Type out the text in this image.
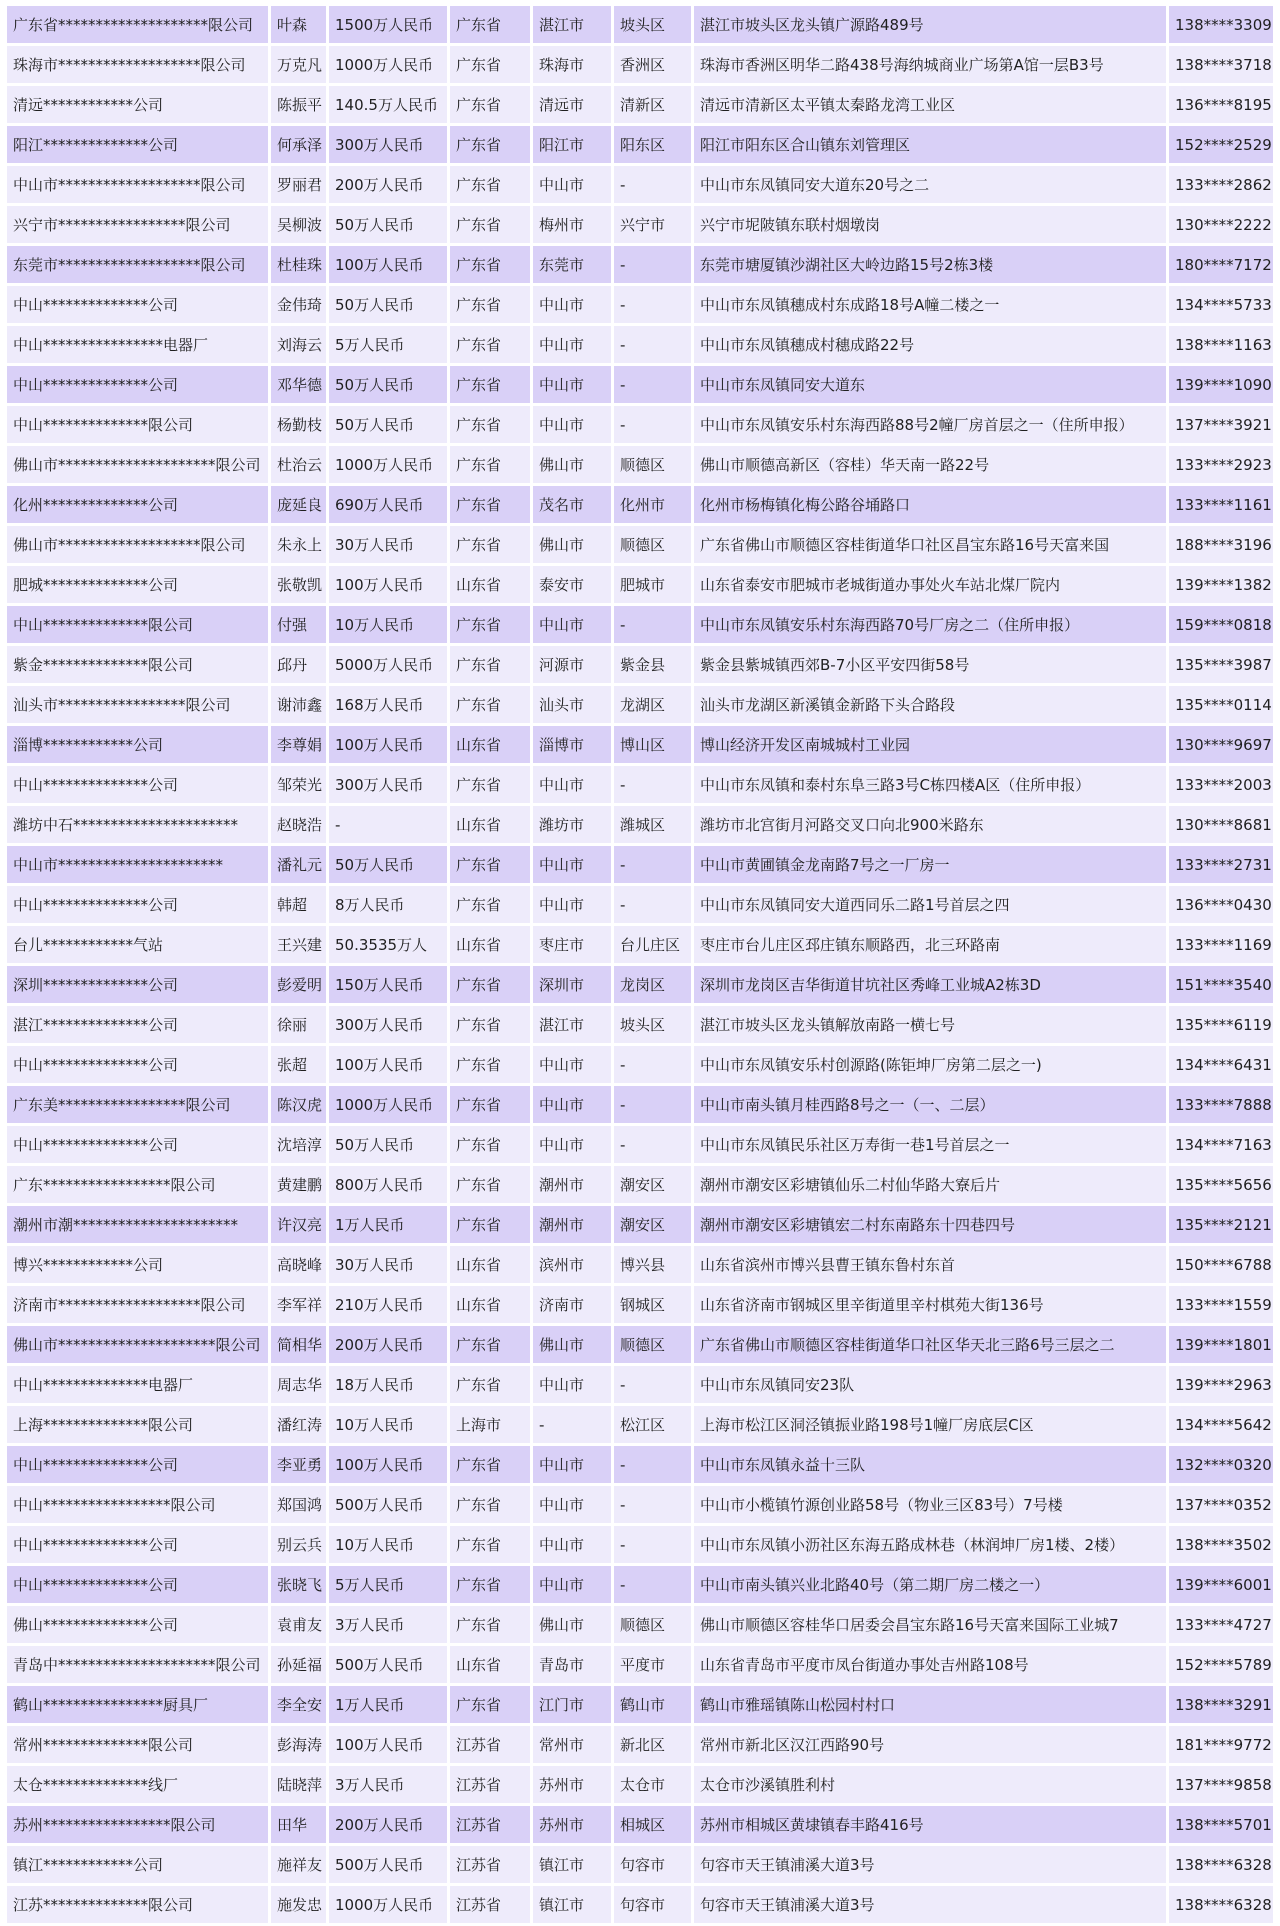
广东省********************限公司	叶森	1500万人民币	广东省	湛江市	坡头区	湛江市坡头区龙头镇广源路489号	138****3309
珠海市*******************限公司	万克凡	1000万人民币	广东省	珠海市	香洲区	珠海市香洲区明华二路438号海纳城商业广场第A馆一层B3号	138****3718
清远************公司	陈振平	140.5万人民币	广东省	清远市	清新区	清远市清新区太平镇太秦路龙湾工业区	136****8195
阳江**************公司	何承泽	300万人民币	广东省	阳江市	阳东区	阳江市阳东区合山镇东刘管理区	152****2529
中山市*******************限公司	罗丽君	200万人民币	广东省	中山市	-	中山市东凤镇同安大道东20号之二	133****2862
兴宁市*****************限公司	吴柳波	50万人民币	广东省	梅州市	兴宁市	兴宁市坭陂镇东联村烟墩岗	130****2222
东莞市*******************限公司	杜桂珠	100万人民币	广东省	东莞市	-	东莞市塘厦镇沙湖社区大岭边路15号2栋3楼	180****7172
中山**************公司	金伟琦	50万人民币	广东省	中山市	-	中山市东凤镇穗成村东成路18号A幢二楼之一	134****5733
中山****************电器厂	刘海云	5万人民币	广东省	中山市	-	中山市东凤镇穗成村穗成路22号	138****1163
中山**************公司	邓华德	50万人民币	广东省	中山市	-	中山市东凤镇同安大道东	139****1090
中山**************限公司	杨勤枝	50万人民币	广东省	中山市	-	中山市东凤镇安乐村东海西路88号2幢厂房首层之一（住所申报）	137****3921
佛山市*********************限公司	杜治云	1000万人民币	广东省	佛山市	顺德区	佛山市顺德高新区（容桂）华天南一路22号	133****2923
化州**************公司	庞延良	690万人民币	广东省	茂名市	化州市	化州市杨梅镇化梅公路谷埇路口	133****1161
佛山市*******************限公司	朱永上	30万人民币	广东省	佛山市	顺德区	广东省佛山市顺德区容桂街道华口社区昌宝东路16号天富来国	188****3196
肥城**************公司	张敬凯	100万人民币	山东省	泰安市	肥城市	山东省泰安市肥城市老城街道办事处火车站北煤厂院内	139****1382
中山**************限公司	付强	10万人民币	广东省	中山市	-	中山市东凤镇安乐村东海西路70号厂房之二（住所申报）	159****0818
紫金**************限公司	邱丹	5000万人民币	广东省	河源市	紫金县	紫金县紫城镇西郊B-7小区平安四街58号	135****3987
汕头市*****************限公司	谢沛鑫	168万人民币	广东省	汕头市	龙湖区	汕头市龙湖区新溪镇金新路下头合路段	135****0114
淄博************公司	李尊娟	100万人民币	山东省	淄博市	博山区	博山经济开发区南城城村工业园	130****9697
中山**************公司	邹荣光	300万人民币	广东省	中山市	-	中山市东凤镇和泰村东阜三路3号C栋四楼A区（住所申报）	133****2003
潍坊中石**********************	赵晓浩	-	山东省	潍坊市	潍城区	潍坊市北宫街月河路交叉口向北900米路东	130****8681
中山市**********************	潘礼元	50万人民币	广东省	中山市	-	中山市黄圃镇金龙南路7号之一厂房一	133****2731
中山**************公司	韩超	8万人民币	广东省	中山市	-	中山市东凤镇同安大道西同乐二路1号首层之四	136****0430
台儿************气站	王兴建	50.3535万人	山东省	枣庄市	台儿庄区	枣庄市台儿庄区邳庄镇东顺路西，北三环路南	133****1169
深圳**************公司	彭爱明	150万人民币	广东省	深圳市	龙岗区	深圳市龙岗区吉华街道甘坑社区秀峰工业城A2栋3D	151****3540
湛江**************公司	徐丽	300万人民币	广东省	湛江市	坡头区	湛江市坡头区龙头镇解放南路一横七号	135****6119
中山**************公司	张超	100万人民币	广东省	中山市	-	中山市东凤镇安乐村创源路(陈钜坤厂房第二层之一)	134****6431
广东美*****************限公司	陈汉虎	1000万人民币	广东省	中山市	-	中山市南头镇月桂西路8号之一（一、二层）	133****7888
中山**************公司	沈培淳	50万人民币	广东省	中山市	-	中山市东凤镇民乐社区万寿街一巷1号首层之一	134****7163
广东*****************限公司	黄建鹏	800万人民币	广东省	潮州市	潮安区	潮州市潮安区彩塘镇仙乐二村仙华路大寮后片	135****5656
潮州市潮**********************	许汉亮	1万人民币	广东省	潮州市	潮安区	潮州市潮安区彩塘镇宏二村东南路东十四巷四号	135****2121
博兴************公司	高晓峰	30万人民币	山东省	滨州市	博兴县	山东省滨州市博兴县曹王镇东鲁村东首	150****6788
济南市*******************限公司	李军祥	210万人民币	山东省	济南市	钢城区	山东省济南市钢城区里辛街道里辛村棋苑大街136号	133****1559
佛山市*********************限公司	简相华	200万人民币	广东省	佛山市	顺德区	广东省佛山市顺德区容桂街道华口社区华天北三路6号三层之二	139****1801
中山**************电器厂	周志华	18万人民币	广东省	中山市	-	中山市东凤镇同安23队	139****2963
上海**************限公司	潘红涛	10万人民币	上海市	-	松江区	上海市松江区洞泾镇振业路198号1幢厂房底层C区	134****5642
中山**************公司	李亚勇	100万人民币	广东省	中山市	-	中山市东凤镇永益十三队	132****0320
中山*****************限公司	郑国鸿	500万人民币	广东省	中山市	-	中山市小榄镇竹源创业路58号（物业三区83号）7号楼	137****0352
中山**************公司	别云兵	10万人民币	广东省	中山市	-	中山市东凤镇小沥社区东海五路成林巷（林润坤厂房1楼、2楼）	138****3502
中山**************公司	张晓飞	5万人民币	广东省	中山市	-	中山市南头镇兴业北路40号（第二期厂房二楼之一）	139****6001
佛山**************公司	袁甫友	3万人民币	广东省	佛山市	顺德区	佛山市顺德区容桂华口居委会昌宝东路16号天富来国际工业城7	133****4727
青岛中*********************限公司	孙延福	500万人民币	山东省	青岛市	平度市	山东省青岛市平度市凤台街道办事处吉州路108号	152****5789
鹤山****************厨具厂	李全安	1万人民币	广东省	江门市	鹤山市	鹤山市雅瑶镇陈山松园村村口	138****3291
常州**************限公司	彭海涛	100万人民币	江苏省	常州市	新北区	常州市新北区汉江西路90号	181****9772
太仓**************线厂	陆晓萍	3万人民币	江苏省	苏州市	太仓市	太仓市沙溪镇胜利村	137****9858
苏州*****************限公司	田华	200万人民币	江苏省	苏州市	相城区	苏州市相城区黄埭镇春丰路416号	138****5701
镇江************公司	施祥友	500万人民币	江苏省	镇江市	句容市	句容市天王镇浦溪大道3号	138****6328
江苏**************限公司	施发忠	1000万人民币	江苏省	镇江市	句容市	句容市天王镇浦溪大道3号	138****6328
